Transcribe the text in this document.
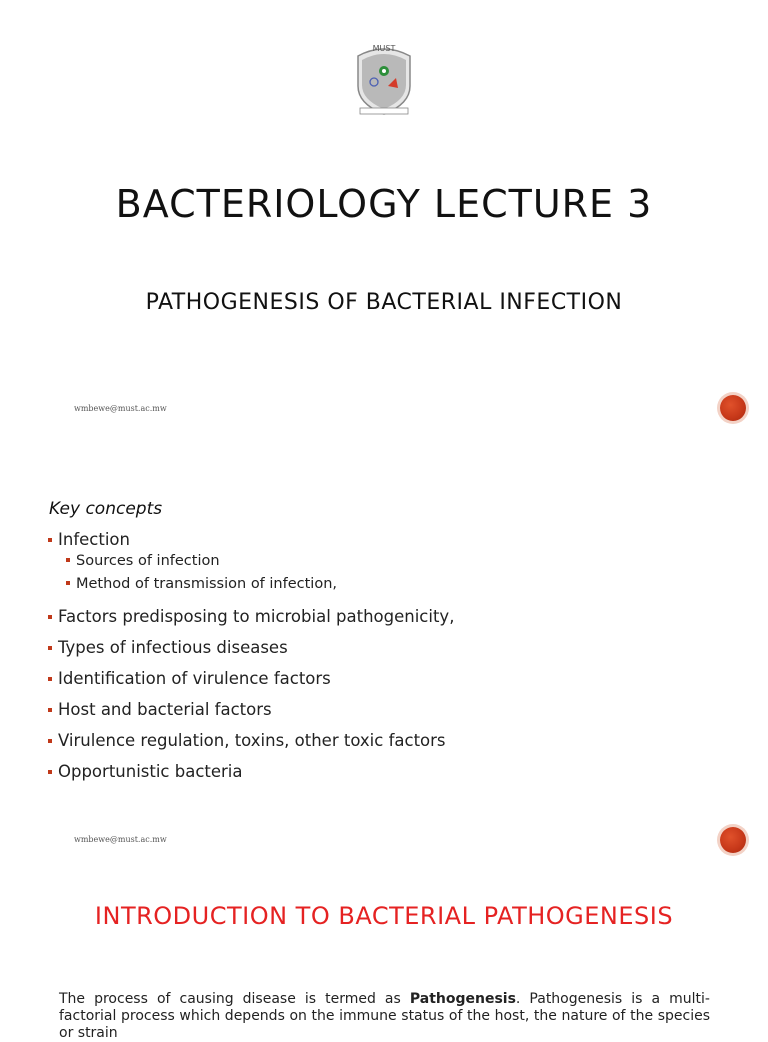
MUST
BACTERIOLOGY LECTURE 3
PATHOGENESIS OF BACTERIAL INFECTION
wmbewe@must.ac.mw
Key concepts
Infection
Sources of infection
Method of transmission of infection,
Factors predisposing to microbial pathogenicity,
Types of infectious diseases
Identification of virulence factors
Host and bacterial factors
Virulence regulation, toxins, other toxic factors
Opportunistic bacteria
wmbewe@must.ac.mw
INTRODUCTION TO BACTERIAL PATHOGENESIS
The process of causing disease is termed as Pathogenesis. Pathogenesis is a multi-factorial process which depends on the immune status of the host, the nature of the species or strain
